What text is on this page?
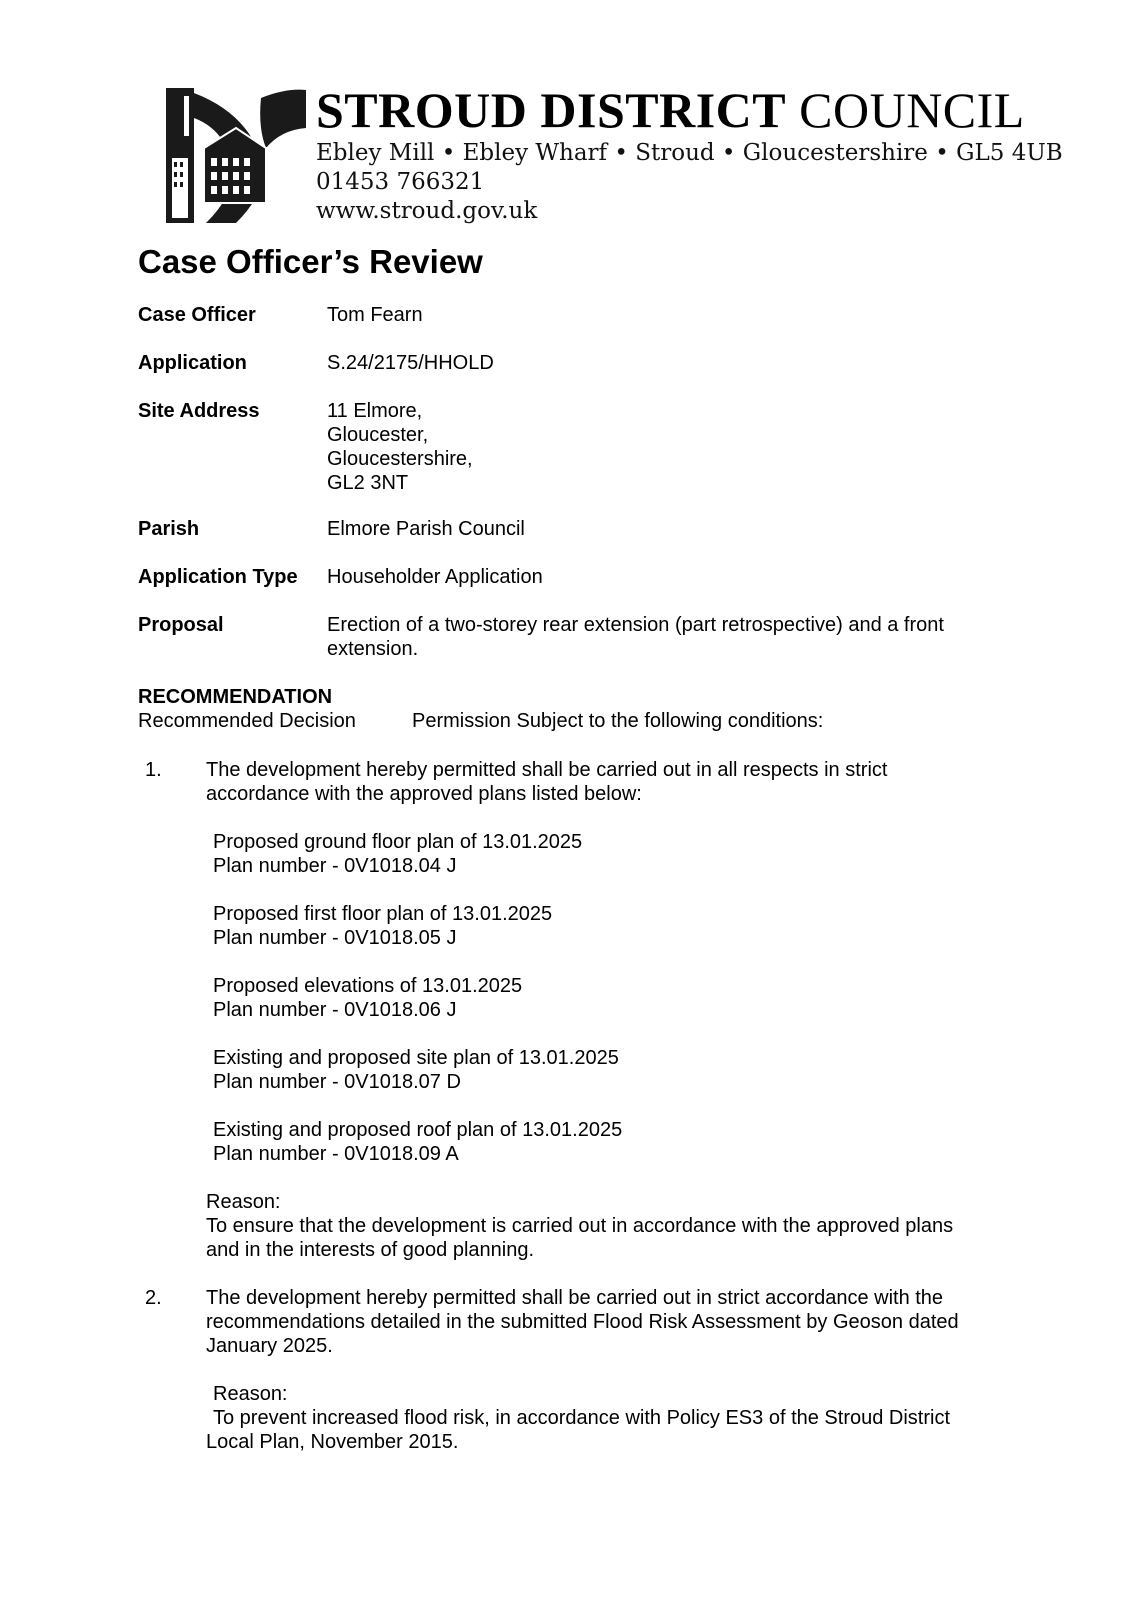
STROUD DISTRICT COUNCIL
Ebley Mill • Ebley Wharf • Stroud • Gloucestershire • GL5 4UB
01453 766321
www.stroud.gov.uk
Case Officer’s Review
Case Officer	Tom Fearn
Application	S.24/2175/HHOLD
Site Address	11 Elmore,
Gloucester,
Gloucestershire,
GL2 3NT
Parish	Elmore Parish Council
Application Type	Householder Application
Proposal	Erection of a two-storey rear extension (part retrospective) and a front
extension.
RECOMMENDATION
Recommended Decision	Permission Subject to the following conditions:
1. The development hereby permitted shall be carried out in all respects in strict
accordance with the approved plans listed below:
Proposed ground floor plan of 13.01.2025
Plan number - 0V1018.04 J
Proposed first floor plan of 13.01.2025
Plan number - 0V1018.05 J
Proposed elevations of 13.01.2025
Plan number - 0V1018.06 J
Existing and proposed site plan of 13.01.2025
Plan number - 0V1018.07 D
Existing and proposed roof plan of 13.01.2025
Plan number - 0V1018.09 A
Reason:
To ensure that the development is carried out in accordance with the approved plans
and in the interests of good planning.
2. The development hereby permitted shall be carried out in strict accordance with the
recommendations detailed in the submitted Flood Risk Assessment by Geoson dated
January 2025.
Reason:
To prevent increased flood risk, in accordance with Policy ES3 of the Stroud District
Local Plan, November 2015.
